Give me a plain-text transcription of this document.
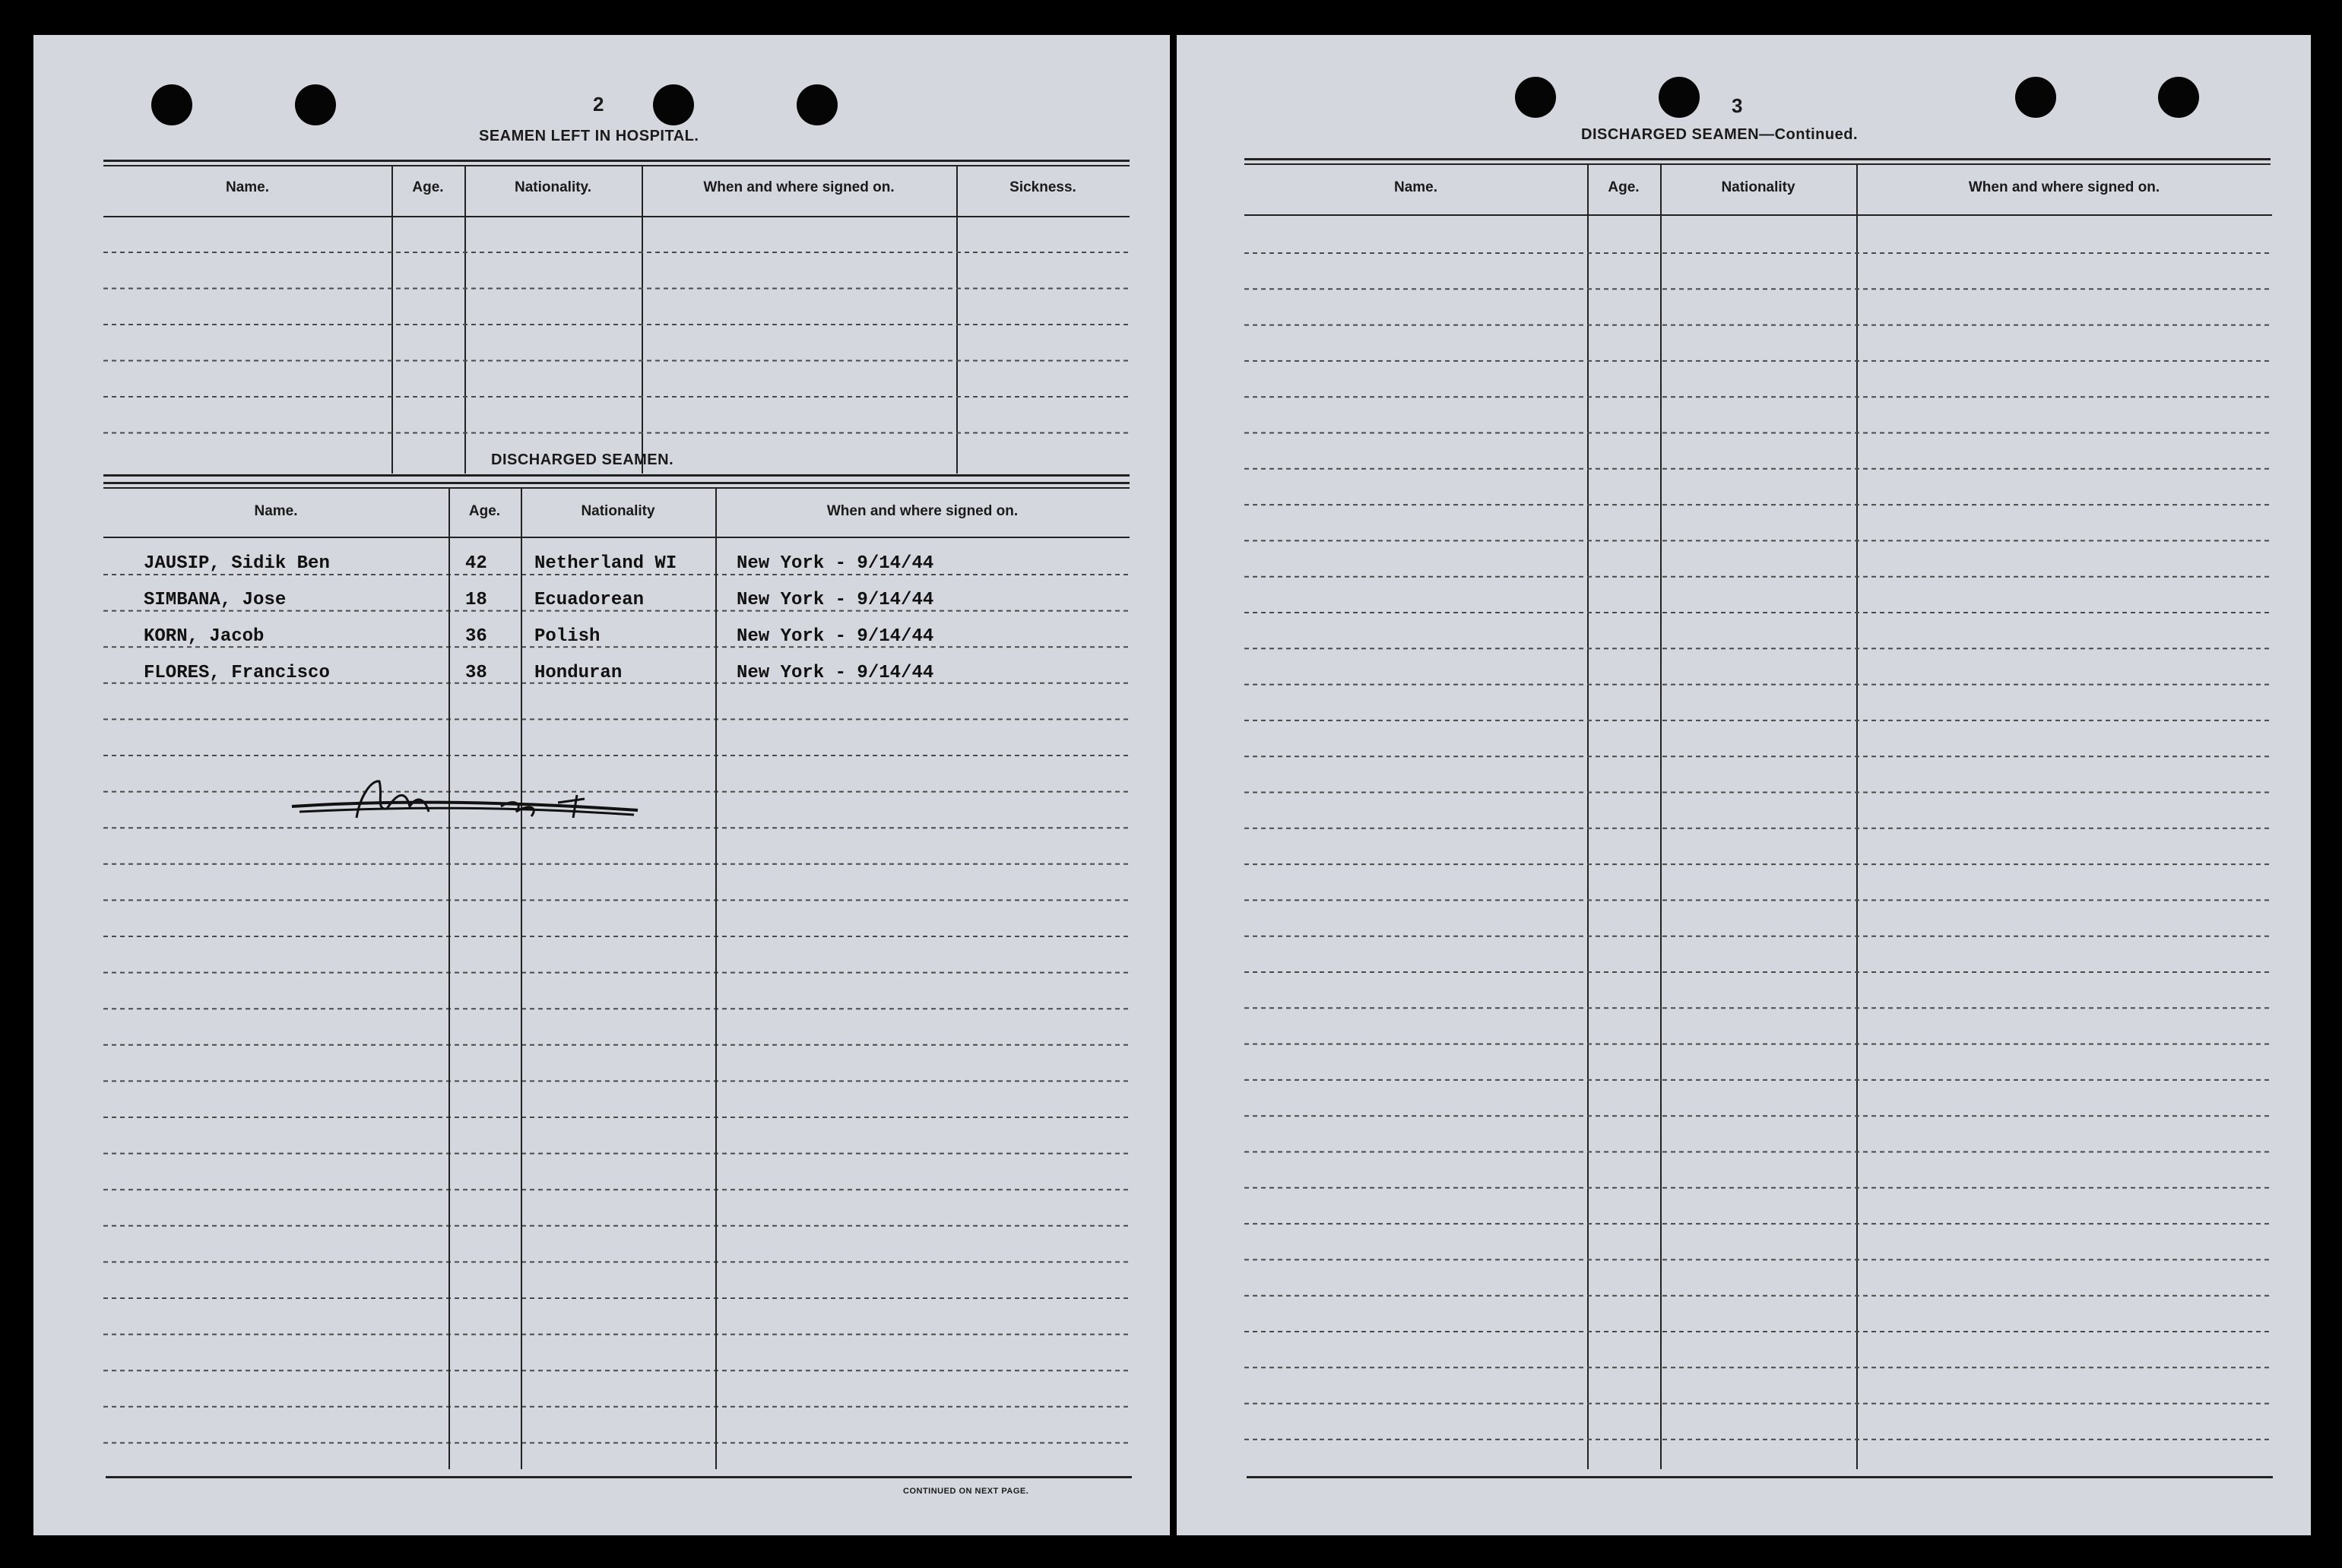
2
SEAMEN LEFT IN HOSPITAL.
Name.	Age.	Nationality.	When and where signed on.	Sickness.
DISCHARGED SEAMEN.
Name.	Age.	Nationality	When and where signed on.
JAUSIP, Sidik Ben	42	Netherland WI	New York - 9/14/44
SIMBANA, Jose	18	Ecuadorean	New York - 9/14/44
KORN, Jacob	36	Polish	New York - 9/14/44
FLORES, Francisco	38	Honduran	New York - 9/14/44
CONTINUED ON NEXT PAGE.
3
DISCHARGED SEAMEN—Continued.
Name.	Age.	Nationality	When and where signed on.
